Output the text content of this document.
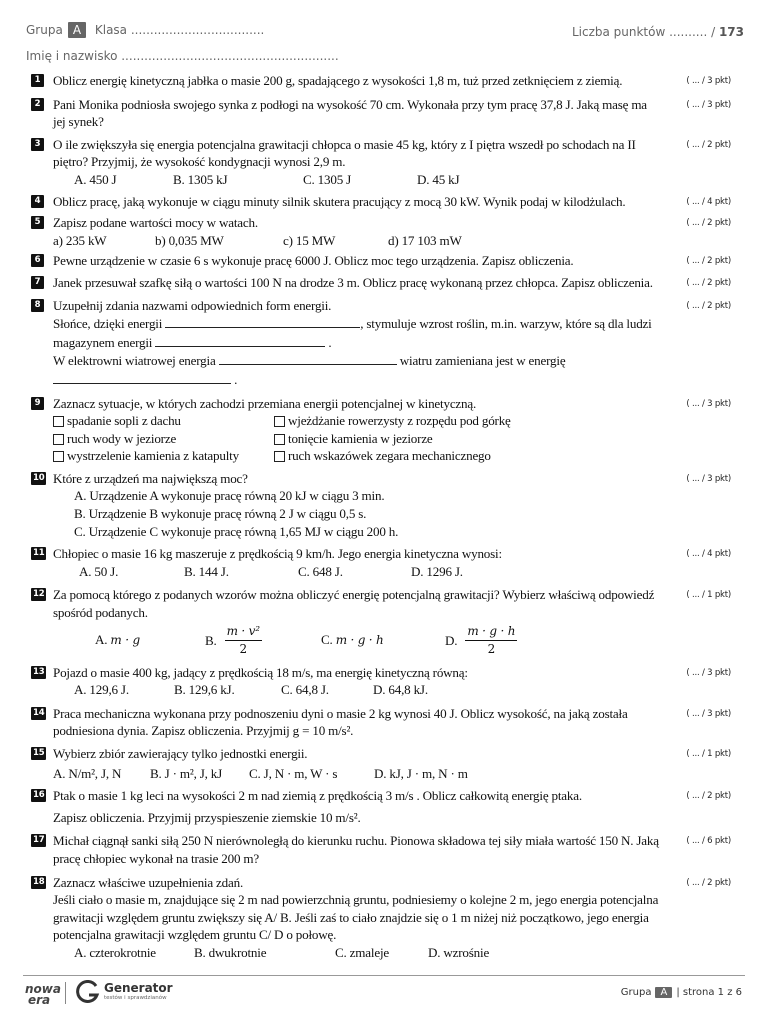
Grupa A Klasa ...................................	Liczba punktów .......... / 173
Imię i nazwisko .........................................................
1 Oblicz energię kinetyczną jabłka o masie 200 g, spadającego z wysokości 1,8 m, tuż przed zetknięciem z ziemią.	( ... / 3 pkt)
2 Pani Monika podniosła swojego synka z podłogi na wysokość 70 cm. Wykonała przy tym pracę 37,8 J. Jaką masę ma jej synek?
( ... / 3 pkt)
3 O ile zwiększyła się energia potencjalna grawitacji chłopca o masie 45 kg, który z I piętra wszedł po schodach na II piętro? Przyjmij, że wysokość kondygnacji wynosi 2,9 m.
A. 450 J	B. 1305 kJ	C. 1305 J	D. 45 kJ
( ... / 2 pkt)
4 Oblicz pracę, jaką wykonuje w ciągu minuty silnik skutera pracujący z mocą 30 kW. Wynik podaj w kilodżulach.	( ... / 4 pkt)
5 Zapisz podane wartości mocy w watach.
a) 235 kW	b) 0,035 MW	c) 15 MW	d) 17 103 mW
( ... / 2 pkt)
6 Pewne urządzenie w czasie 6 s wykonuje pracę 6000 J. Oblicz moc tego urządzenia. Zapisz obliczenia.	( ... / 2 pkt)
7 Janek przesuwał szafkę siłą o wartości 100 N na drodze 3 m. Oblicz pracę wykonaną przez chłopca. Zapisz obliczenia.	( ... / 2 pkt)
8 Uzupełnij zdania nazwami odpowiednich form energii.
Słońce, dzięki energii	, stymuluje wzrost roślin, m.in. warzyw, które są dla ludzi
magazynem energii	.
W elektrowni wiatrowej energia	wiatru zamieniana jest w energię
.
( ... / 2 pkt)
9 Zaznacz sytuacje, w których zachodzi przemiana energii potencjalnej w kinetyczną.
spadanie sopli z dachu	wjeżdżanie rowerzysty z rozpędu pod górkę
ruch wody w jeziorze	tonięcie kamienia w jeziorze
wystrzelenie kamienia z katapulty	ruch wskazówek zegara mechanicznego
( ... / 3 pkt)
10 Które z urządzeń ma największą moc?
A. Urządzenie A wykonuje pracę równą 20 kJ w ciągu 3 min.
B. Urządzenie B wykonuje pracę równą 2 J w ciągu 0,5 s.
C. Urządzenie C wykonuje pracę równą 1,65 MJ w ciągu 200 h.
( ... / 3 pkt)
11 Chłopiec o masie 16 kg maszeruje z prędkością 9 km/h. Jego energia kinetyczna wynosi:
A. 50 J.	B. 144 J.	C. 648 J.	D. 1296 J.
( ... / 4 pkt)
12 Za pomocą którego z podanych wzorów można obliczyć energię potencjalną grawitacji? Wybierz właściwą odpowiedź spośród podanych.
A. m · g	B. $\frac{\text{m · v²}}{2}$	C. m · g · h	D. $\frac{m \cdot g \cdot h}{2}$
( ... / 1 pkt)
13 Pojazd o masie 400 kg, jadący z prędkością 18 m/s, ma energię kinetyczną równą:
A. 129,6 J.	B. 129,6 kJ.	C. 64,8 J.	D. 64,8 kJ.
( ... / 3 pkt)
14 Praca mechaniczna wykonana przy podnoszeniu dyni o masie 2 kg wynosi 40 J. Oblicz wysokość, na jaką została podniesiona dynia. Zapisz obliczenia. Przyjmij g = 10 m/s².
( ... / 3 pkt)
15 Wybierz zbiór zawierający tylko jednostki energii.
A. N/m², J, N	B. J · m², J, kJ	C. J, N · m, W · s	D. kJ, J · m, N · m
( ... / 1 pkt)
16 Ptak o masie 1 kg leci na wysokości 2 m nad ziemią z prędkością 3 m/s . Oblicz całkowitą energię ptaka.
Zapisz obliczenia. Przyjmij przyspieszenie ziemskie 10 m/s².
( ... / 2 pkt)
17 Michał ciągnął sanki siłą 250 N nierównoległą do kierunku ruchu. Pionowa składowa tej siły miała wartość 150 N. Jaką pracę chłopiec wykonał na trasie 200 m?
( ... / 6 pkt)
18 Zaznacz właściwe uzupełnienia zdań.
Jeśli ciało o masie m, znajdujące się 2 m nad powierzchnią gruntu, podniesiemy o kolejne 2 m, jego energia potencjalna grawitacji względem gruntu zwiększy się A/ B. Jeśli zaś to ciało znajdzie się o 1 m niżej niż początkowo, jego energia potencjalna grawitacji względem gruntu C/ D o połowę.
A. czterokrotnie	B. dwukrotnie	C. zmaleje	D. wzrośnie
( ... / 2 pkt)
nowa
era
Generator
testów i sprawdzianów	Grupa A | strona 1 z 6
